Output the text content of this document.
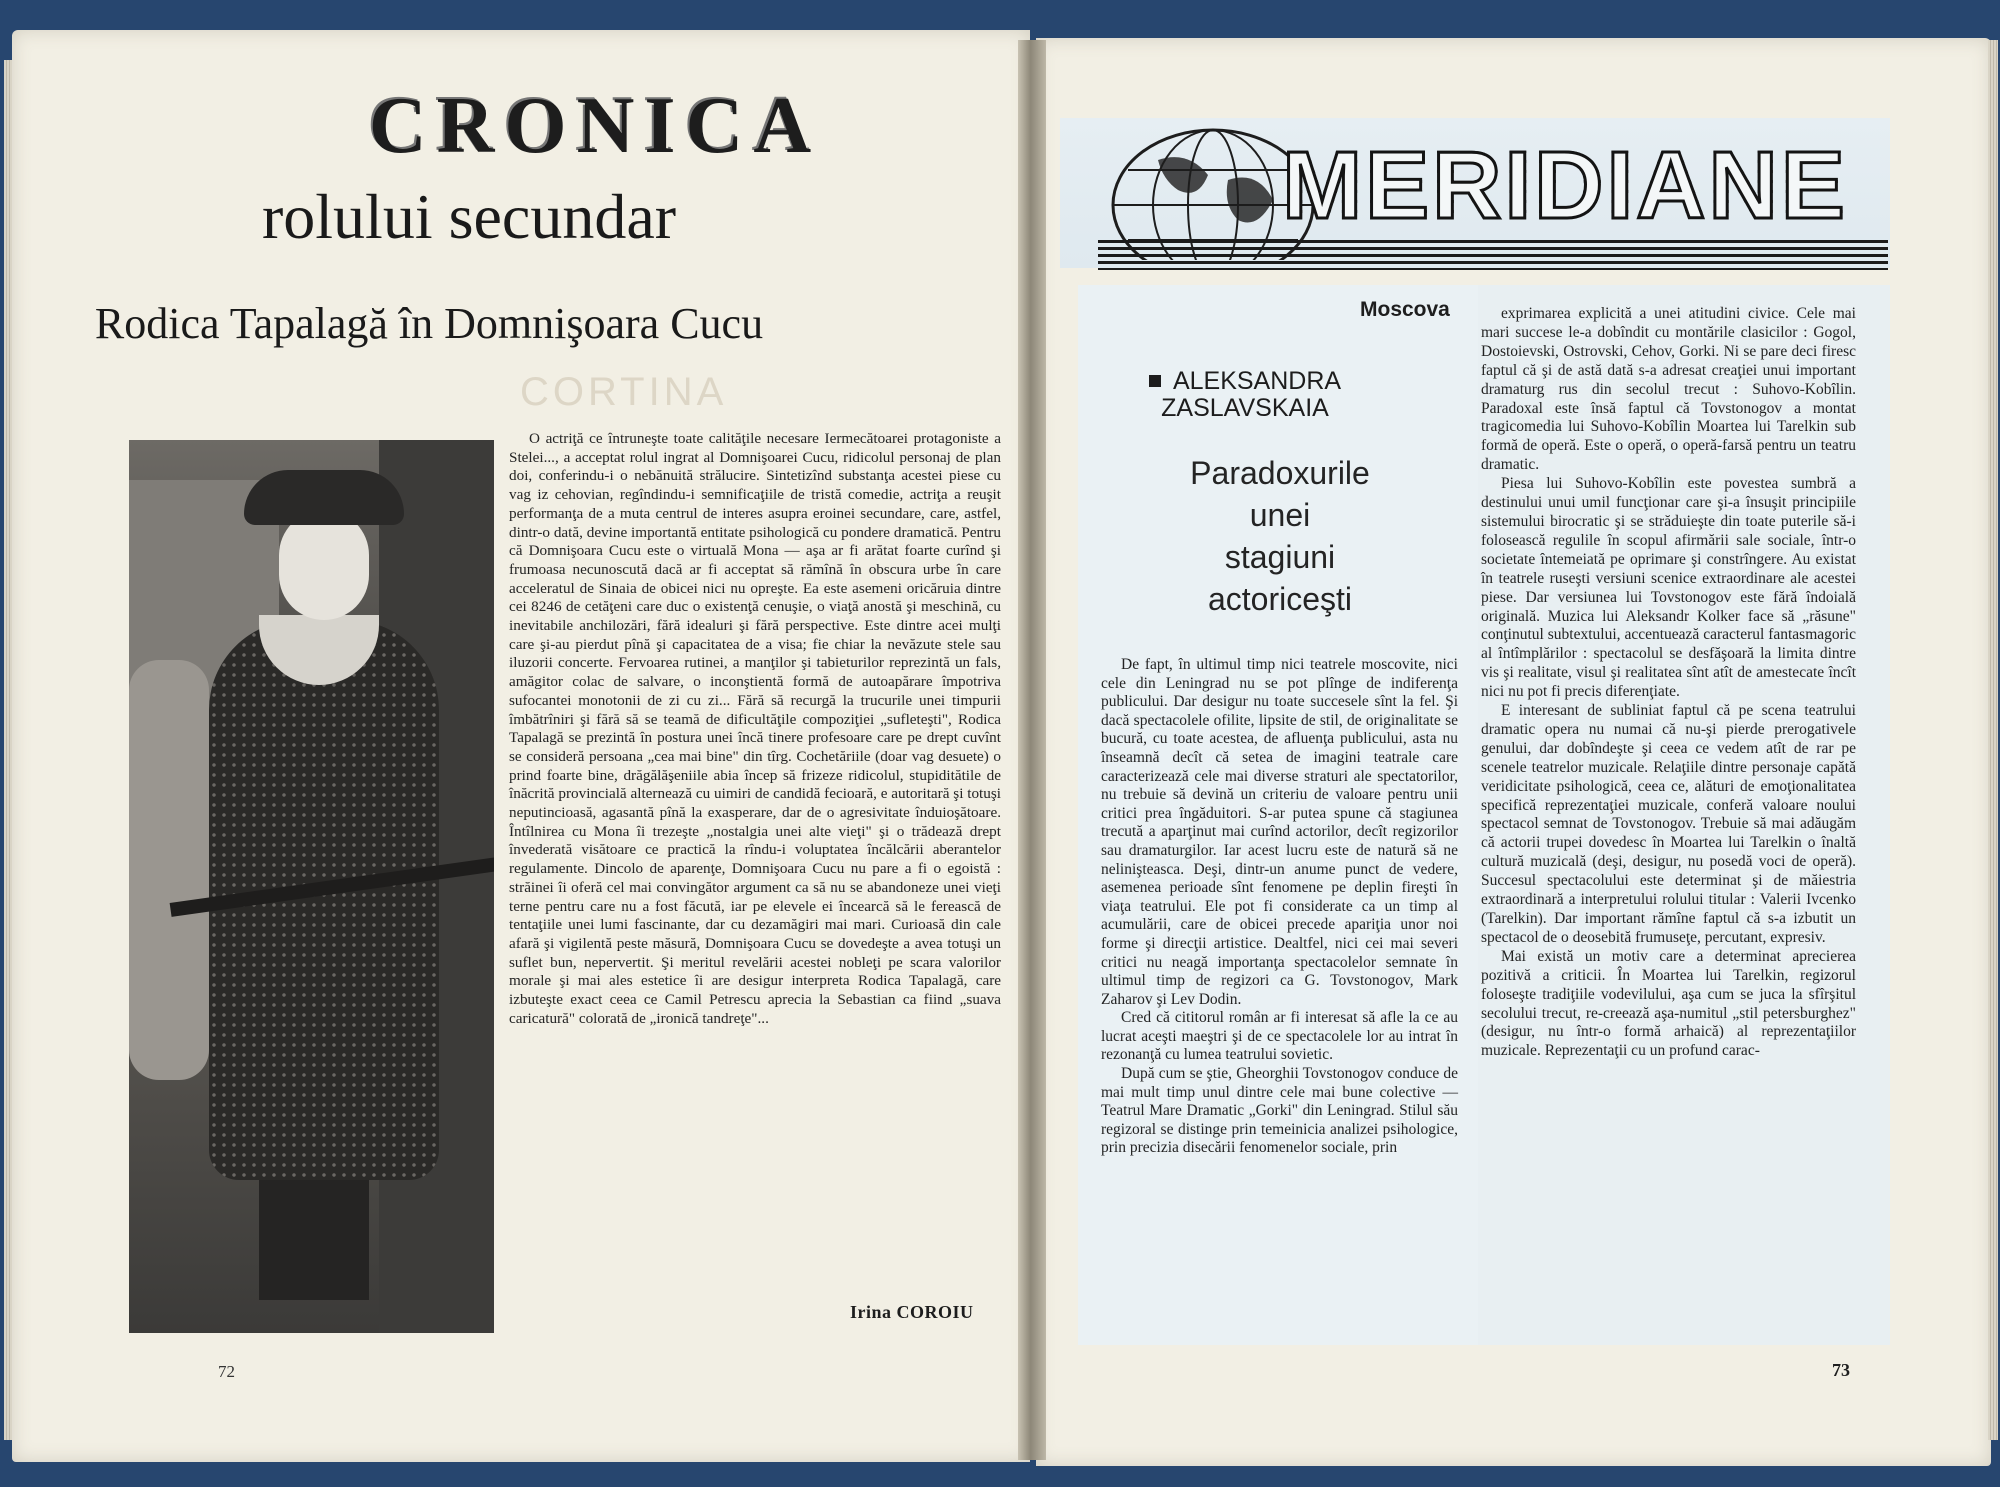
CRONICA
rolului secundar
Rodica Tapalagă în Domnişoara Cucu
CORTINA

O actriţă ce întruneşte toate calităţile necesare Iermecătoarei protagoniste a Stelei..., a acceptat rolul ingrat al Domnişoarei Cucu, ridicolul personaj de plan doi, conferindu-i o nebănuită strălucire. Sintetizînd substanţa acestei piese cu vag iz cehovian, regîndindu-i semnificaţiile de tristă comedie, actriţa a reuşit performanţa de a muta centrul de interes asupra eroinei secundare, care, astfel, dintr-o dată, devine importantă entitate psihologică cu pondere dramatică. Pentru că Domnişoara Cucu este o virtuală Mona — aşa ar fi arătat foarte curînd şi frumoasa necunoscută dacă ar fi acceptat să rămînă în obscura urbe în care acceleratul de Sinaia de obicei nici nu opreşte. Ea este asemeni oricăruia dintre cei 8246 de cetăţeni care duc o existenţă cenuşie, o viaţă anostă şi meschină, cu inevitabile anchilozări, fără idealuri şi fără perspective. Este dintre acei mulţi care şi-au pierdut pînă şi capacitatea de a visa; fie chiar la nevăzute stele sau iluzorii concerte. Fervoarea rutinei, a manţilor şi tabieturilor reprezintă un fals, amăgitor colac de salvare, o inconştientă formă de autoapărare împotriva sufocantei monotonii de zi cu zi... Fără să recurgă la trucurile unei timpurii îmbătrîniri şi fără să se teamă de dificultăţile compoziţiei „sufleteşti", Rodica Tapalagă se prezintă în postura unei încă tinere profesoare care pe drept cuvînt se consideră persoana „cea mai bine" din tîrg. Cochetăriile (doar vag desuete) o prind foarte bine, drăgălăşeniile abia încep să frizeze ridicolul, stupiditătile de înăcrită provincială alternează cu uimiri de candidă fecioară, e autoritară şi totuşi neputincioasă, agasantă pînă la exasperare, dar de o agresivitate înduioşătoare. Întîlnirea cu Mona îi trezeşte „nostalgia unei alte vieţi" şi o trădează drept învederată visătoare ce practică la rîndu-i voluptatea încălcării aberantelor regulamente. Dincolo de aparenţe, Domnişoara Cucu nu pare a fi o egoistă : străinei îi oferă cel mai convingător argument ca să nu se abandoneze unei vieţi terne pentru care nu a fost făcută, iar pe elevele ei încearcă să le ferească de tentaţiile unei lumi fascinante, dar cu dezamăgiri mai mari. Curioasă din cale afară şi vigilentă peste măsură, Domnişoara Cucu se dovedeşte a avea totuşi un suflet bun, nepervertit. Şi meritul revelării acestei nobleţi pe scara valorilor morale şi mai ales estetice îi are desigur interpreta Rodica Tapalagă, care izbuteşte exact ceea ce Camil Petrescu aprecia la Sebastian ca fiind „suava caricatură" colorată de „ironică tandreţe"...

Irina COROIU
72
MERIDIANE
Moscova
ALEKSANDRA
ZASLAVSKAIA
Paradoxurile
unei
stagiuni
actoriceşti

De fapt, în ultimul timp nici teatrele moscovite, nici cele din Leningrad nu se pot plînge de indiferenţa publicului. Dar desigur nu toate succesele sînt la fel. Şi dacă spectacolele ofilite, lipsite de stil, de originalitate se bucură, cu toate acestea, de afluenţa publicului, asta nu înseamnă decît că setea de imagini teatrale care caracterizează cele mai diverse straturi ale spectatorilor, nu trebuie să devină un criteriu de valoare pentru unii critici prea îngăduitori. S-ar putea spune că stagiunea trecută a aparţinut mai curînd actorilor, decît regizorilor sau dramaturgilor. Iar acest lucru este de natură să ne nelinişteasca. Deşi, dintr-un anume punct de vedere, asemenea perioade sînt fenomene pe deplin fireşti în viaţa teatrului. Ele pot fi considerate ca un timp al acumulării, care de obicei precede apariţia unor noi forme şi direcţii artistice. Dealtfel, nici cei mai severi critici nu neagă importanţa spectacolelor semnate în ultimul timp de regizori ca G. Tovstonogov, Mark Zaharov şi Lev Dodin.

Cred că cititorul român ar fi interesat să afle la ce au lucrat aceşti maeştri şi de ce spectacolele lor au intrat în rezonanţă cu lumea teatrului sovietic.

După cum se ştie, Gheorghii Tovstonogov conduce de mai mult timp unul dintre cele mai bune colective — Teatrul Mare Dramatic „Gorki" din Leningrad. Stilul său regizoral se distinge prin temeinicia analizei psihologice, prin precizia disecării fenomenelor sociale, prin

exprimarea explicită a unei atitudini civice. Cele mai mari succese le-a dobîndit cu montările clasicilor : Gogol, Dostoievski, Ostrovski, Cehov, Gorki. Ni se pare deci firesc faptul că şi de astă dată s-a adresat creaţiei unui important dramaturg rus din secolul trecut : Suhovo-Kobîlin. Paradoxal este însă faptul că Tovstonogov a montat tragicomedia lui Suhovo-Kobîlin Moartea lui Tarelkin sub formă de operă. Este o operă, o operă-farsă pentru un teatru dramatic.

Piesa lui Suhovo-Kobîlin este povestea sumbră a destinului unui umil funcţionar care şi-a însuşit principiile sistemului birocratic şi se străduieşte din toate puterile să-i folosească regulile în scopul afirmării sale sociale, într-o societate întemeiată pe oprimare şi constrîngere. Au existat în teatrele ruseşti versiuni scenice extraordinare ale acestei piese. Dar versiunea lui Tovstonogov este fără îndoială originală. Muzica lui Aleksandr Kolker face să „răsune" conţinutul subtextului, accentuează caracterul fantasmagoric al întîmplărilor : spectacolul se desfăşoară la limita dintre vis şi realitate, visul şi realitatea sînt atît de amestecate încît nici nu pot fi precis diferenţiate.

E interesant de subliniat faptul că pe scena teatrului dramatic opera nu numai că nu-şi pierde prerogativele genului, dar dobîndeşte şi ceea ce vedem atît de rar pe scenele teatrelor muzicale. Relaţiile dintre personaje capătă veridicitate psihologică, ceea ce, alături de emoţionalitatea specifică reprezentaţiei muzicale, conferă valoare noului spectacol semnat de Tovstonogov. Trebuie să mai adăugăm că actorii trupei dovedesc în Moartea lui Tarelkin o înaltă cultură muzicală (deşi, desigur, nu posedă voci de operă). Succesul spectacolului este determinat şi de măiestria extraordinară a interpretului rolului titular : Valerii Ivcenko (Tarelkin). Dar important rămîne faptul că s-a izbutit un spectacol de o deosebită frumuseţe, percutant, expresiv.

Mai există un motiv care a determinat aprecierea pozitivă a criticii. În Moartea lui Tarelkin, regizorul foloseşte tradiţiile vodevilului, aşa cum se juca la sfîrşitul secolului trecut, re-creează aşa-numitul „stil petersburghez" (desigur, nu într-o formă arhaică) al reprezentaţiilor muzicale. Reprezentaţii cu un profund carac-

73
